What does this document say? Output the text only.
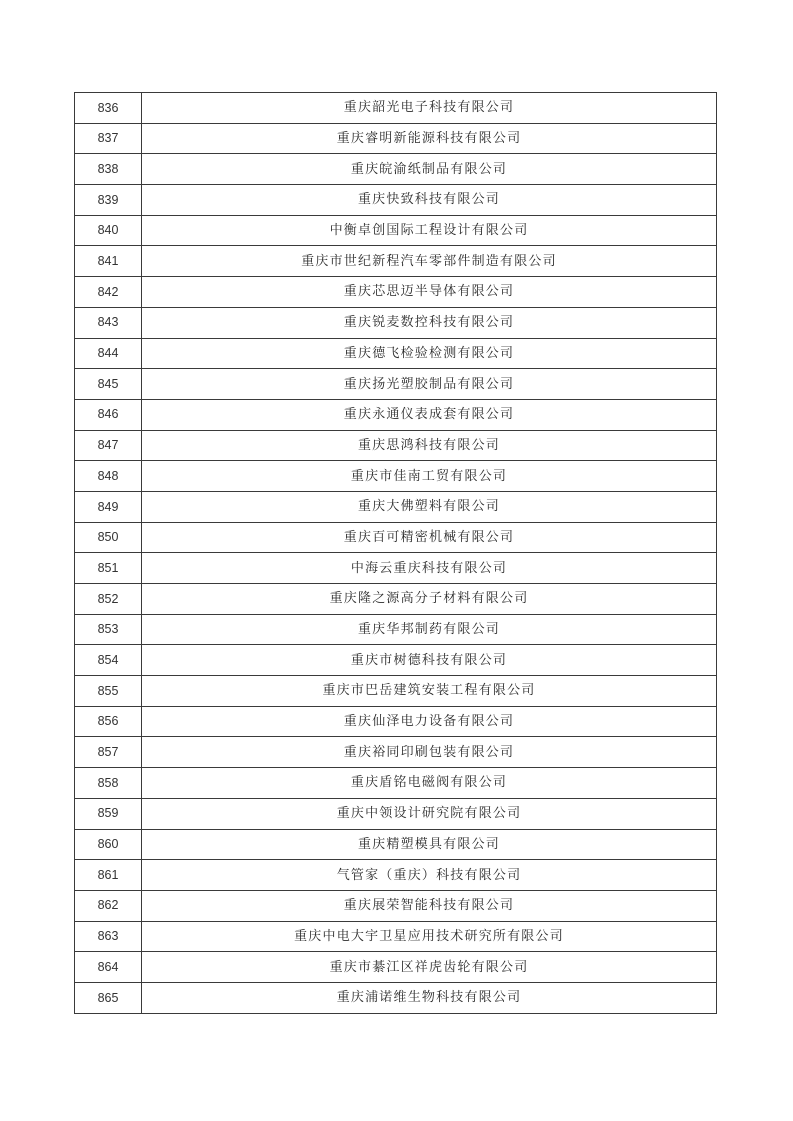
836	重庆韶光电子科技有限公司
837	重庆睿明新能源科技有限公司
838	重庆皖渝纸制品有限公司
839	重庆快致科技有限公司
840	中衡卓创国际工程设计有限公司
841	重庆市世纪新程汽车零部件制造有限公司
842	重庆芯思迈半导体有限公司
843	重庆锐麦数控科技有限公司
844	重庆德飞检验检测有限公司
845	重庆扬光塑胶制品有限公司
846	重庆永通仪表成套有限公司
847	重庆思鸿科技有限公司
848	重庆市佳南工贸有限公司
849	重庆大佛塑料有限公司
850	重庆百可精密机械有限公司
851	中海云重庆科技有限公司
852	重庆隆之源高分子材料有限公司
853	重庆华邦制药有限公司
854	重庆市树德科技有限公司
855	重庆市巴岳建筑安装工程有限公司
856	重庆仙泽电力设备有限公司
857	重庆裕同印刷包装有限公司
858	重庆盾铭电磁阀有限公司
859	重庆中领设计研究院有限公司
860	重庆精塑模具有限公司
861	气管家（重庆）科技有限公司
862	重庆展荣智能科技有限公司
863	重庆中电大宇卫星应用技术研究所有限公司
864	重庆市綦江区祥虎齿轮有限公司
865	重庆浦诺维生物科技有限公司
